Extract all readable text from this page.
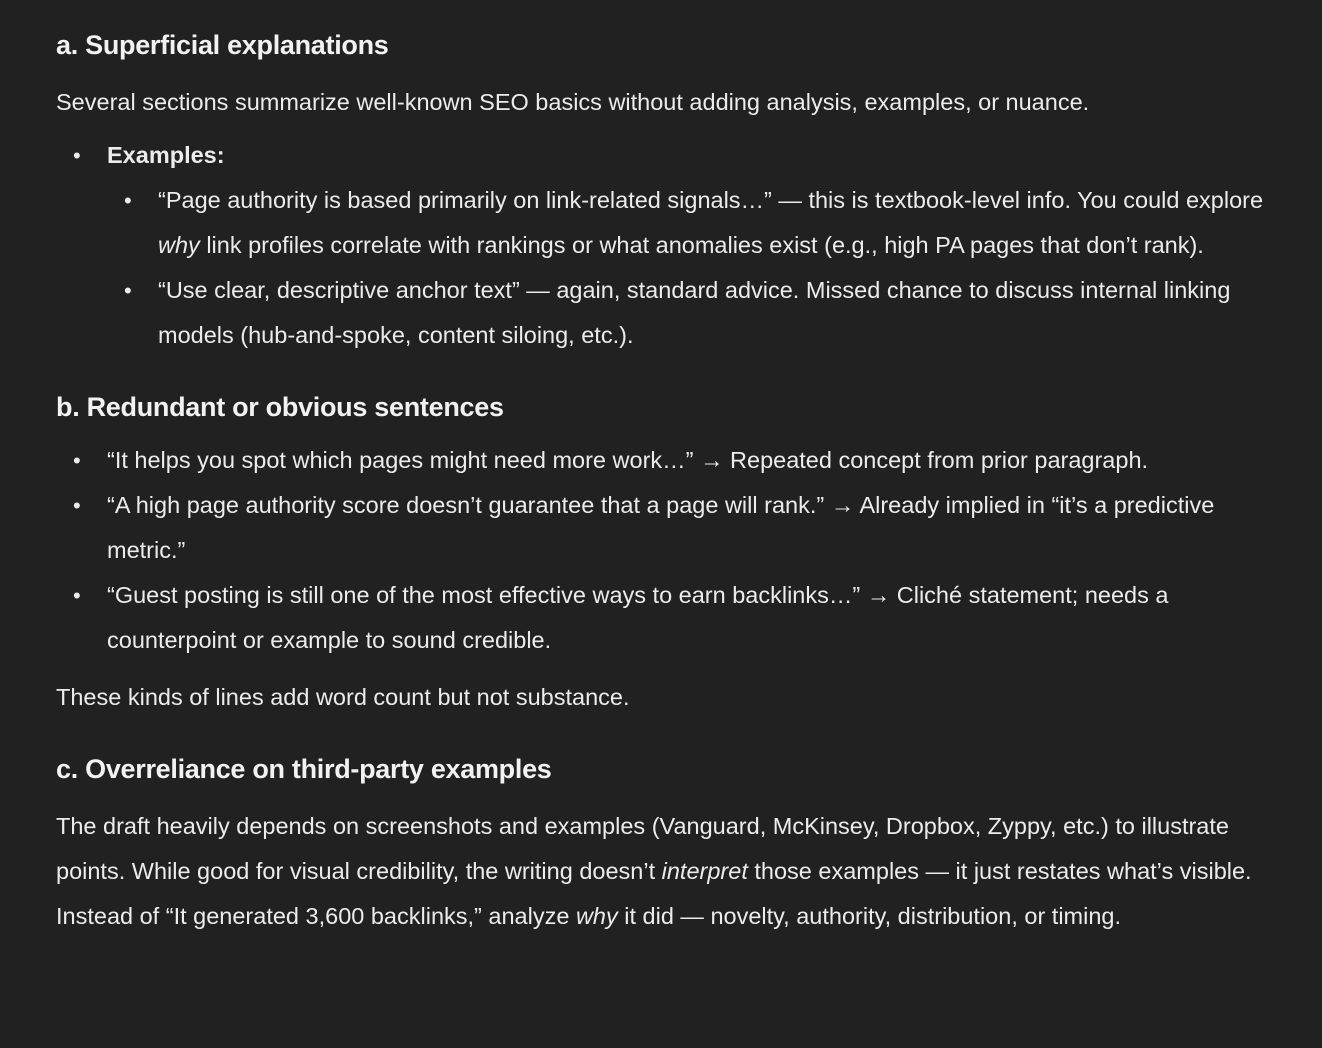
a. Superficial explanations

Several sections summarize well-known SEO basics without adding analysis, examples, or nuance.

• Examples:
• “Page authority is based primarily on link-related signals…” — this is textbook-level info. You could explore why link profiles correlate with rankings or what anomalies exist (e.g., high PA pages that don’t rank).
• “Use clear, descriptive anchor text” — again, standard advice. Missed chance to discuss internal linking models (hub-and-spoke, content siloing, etc.).
b. Redundant or obvious sentences
• “It helps you spot which pages might need more work…” → Repeated concept from prior paragraph.
• “A high page authority score doesn’t guarantee that a page will rank.” → Already implied in “it’s a predictive metric.”
• “Guest posting is still one of the most effective ways to earn backlinks…” → Cliché statement; needs a counterpoint or example to sound credible.

These kinds of lines add word count but not substance.

c. Overreliance on third-party examples

The draft heavily depends on screenshots and examples (Vanguard, McKinsey, Dropbox, Zyppy, etc.) to illustrate points. While good for visual credibility, the writing doesn’t interpret those examples — it just restates what’s visible.

Instead of “It generated 3,600 backlinks,” analyze why it did — novelty, authority, distribution, or timing.
